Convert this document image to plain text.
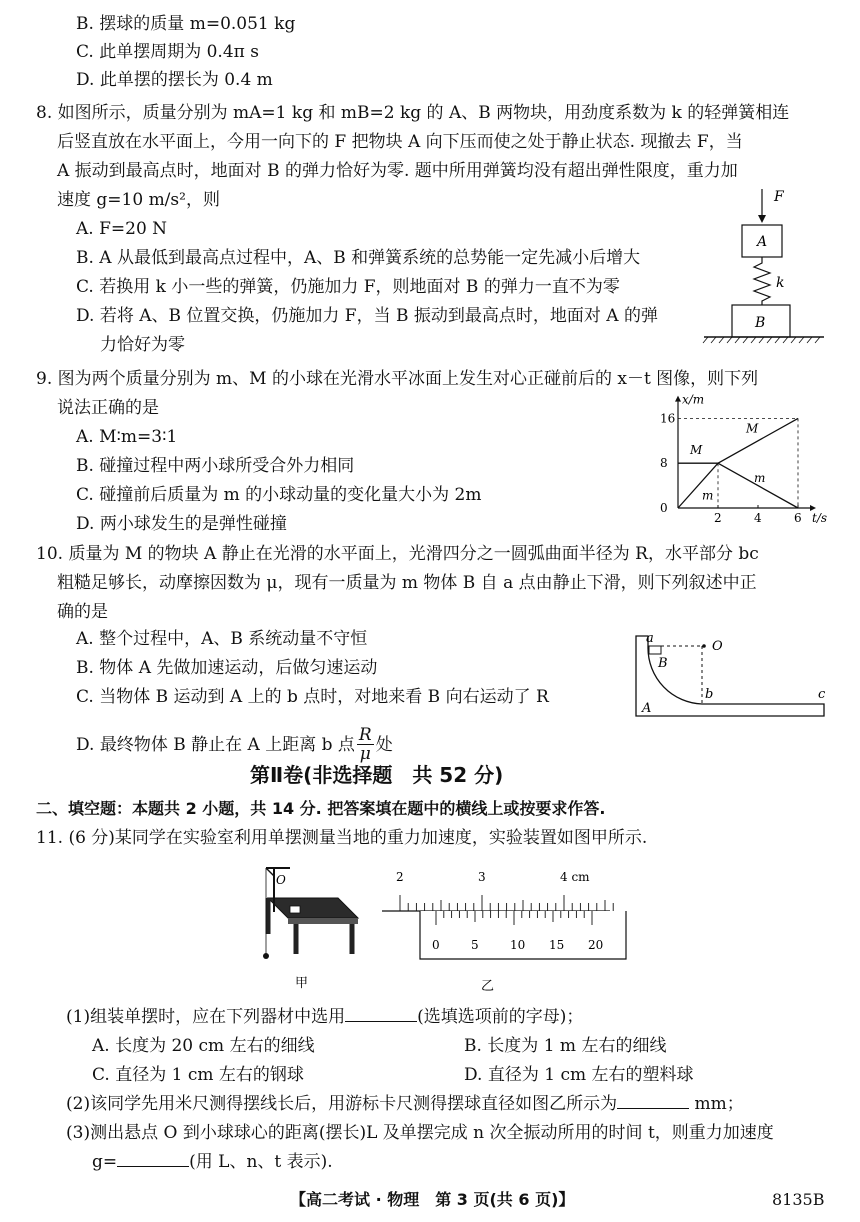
B. 摆球的质量 m=0.051 kg
C. 此单摆周期为 0.4π s
D. 此单摆的摆长为 0.4 m
8. 如图所示，质量分别为 mA=1 kg 和 mB=2 kg 的 A、B 两物块，用劲度系数为 k 的轻弹簧相连
后竖直放在水平面上，今用一向下的 F 把物块 A 向下压而使之处于静止状态. 现撤去 F，当
A 振动到最高点时，地面对 B 的弹力恰好为零. 题中所用弹簧均没有超出弹性限度，重力加
速度 g=10 m/s²，则
A. F=20 N
B. A 从最低到最高点过程中，A、B 和弹簧系统的总势能一定先减小后增大
C. 若换用 k 小一些的弹簧，仍施加力 F，则地面对 B 的弹力一直不为零
D. 若将 A、B 位置交换，仍施加力 F，当 B 振动到最高点时，地面对 A 的弹
力恰好为零
F
A
k
B
9. 图为两个质量分别为 m、M 的小球在光滑水平冰面上发生对心正碰前后的 x－t 图像，则下列
说法正确的是
A. M∶m=3∶1
B. 碰撞过程中两小球所受合外力相同
C. 碰撞前后质量为 m 的小球动量的变化量大小为 2m
D. 两小球发生的是弹性碰撞
x/m
t/s
2	4	6
0
8
16
M
m
m
M
10. 质量为 M 的物块 A 静止在光滑的水平面上，光滑四分之一圆弧曲面半径为 R，水平部分 bc
粗糙足够长，动摩擦因数为 μ，现有一质量为 m 物体 B 自 a 点由静止下滑，则下列叙述中正
确的是
A. 整个过程中，A、B 系统动量不守恒
B. 物体 A 先做加速运动，后做匀速运动
C. 当物体 B 运动到 A 上的 b 点时，对地来看 B 向右运动了 R
D. 最终物体 B 静止在 A 上距离 b 点 $\frac{R}{\mu}$ 处
a
O
B
b	c
A
第Ⅱ卷(非选择题　共 52 分)
二、填空题：本题共 2 小题，共 14 分. 把答案填在题中的横线上或按要求作答.
11. (6 分)某同学在实验室利用单摆测量当地的重力加速度，实验装置如图甲所示.
O
甲
2	3	4 cm
0	5	10 15 20
乙
(1)组装单摆时，应在下列器材中选用	(选填选项前的字母)；
A. 长度为 20 cm 左右的细线	B. 长度为 1 m 左右的细线
C. 直径为 1 cm 左右的钢球	D. 直径为 1 cm 左右的塑料球
(2)该同学先用米尺测得摆线长后，用游标卡尺测得摆球直径如图乙所示为	mm；
(3)测出悬点 O 到小球球心的距离(摆长)L 及单摆完成 n 次全振动所用的时间 t，则重力加速度
g=	(用 L、n、t 表示).
【高二考试 · 物理　第 3 页(共 6 页)】	8135B
